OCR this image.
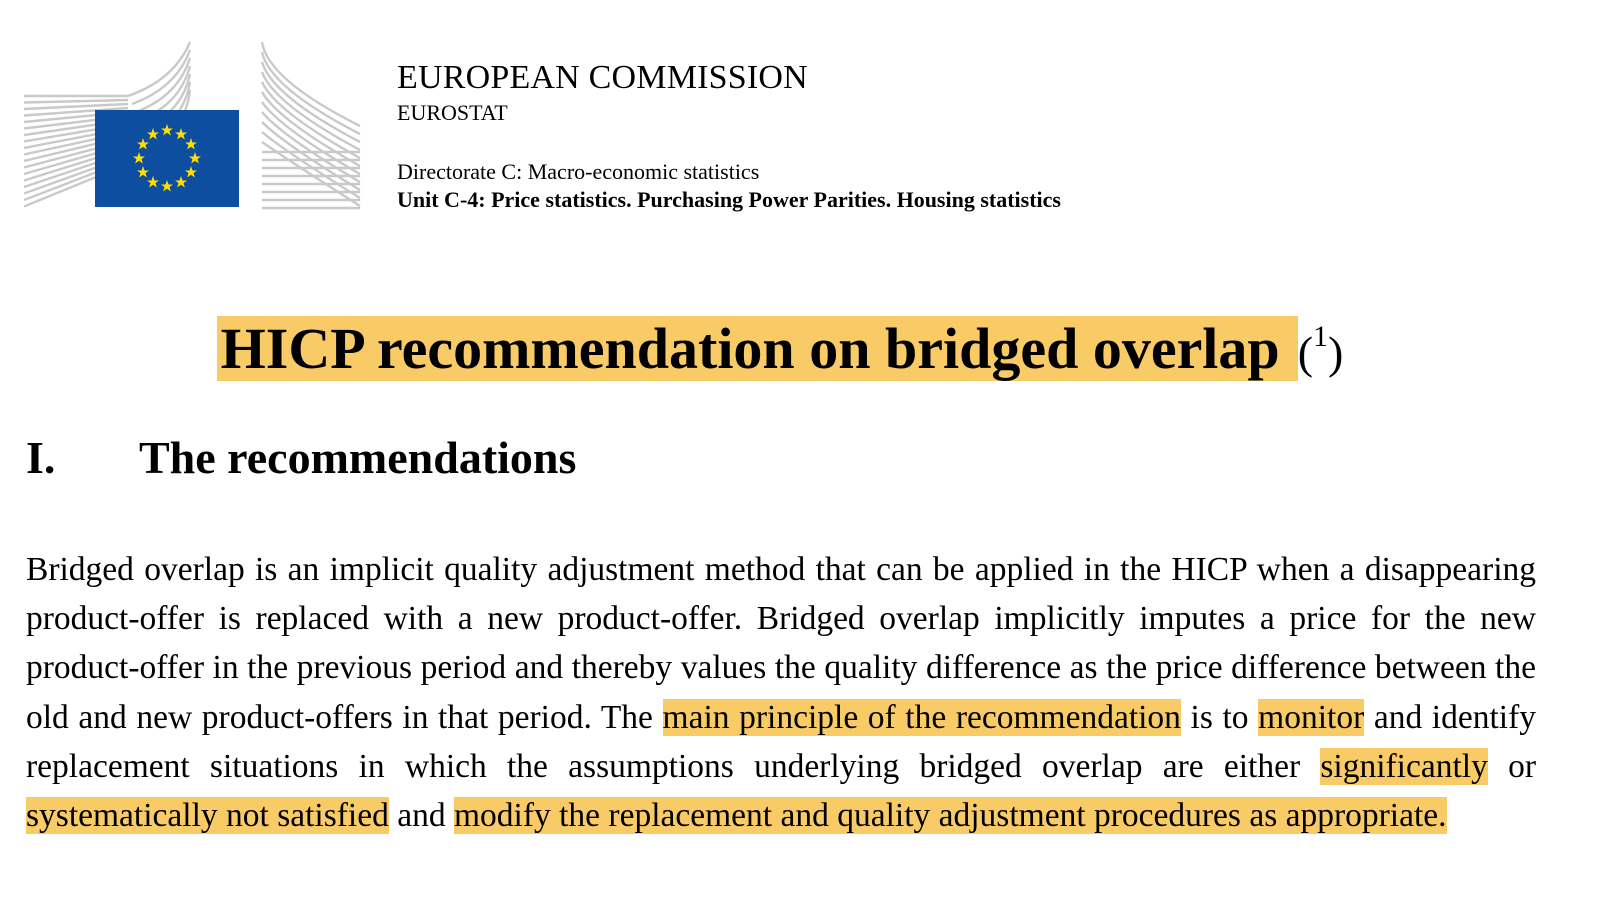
EUROPEAN COMMISSION
EUROSTAT
Directorate C: Macro-economic statistics
Unit C-4: Price statistics. Purchasing Power Parities. Housing statistics
HICP recommendation on bridged overlap ($^1$)
I. The recommendations

Bridged overlap is an implicit quality adjustment method that can be applied in the HICP when a disappearing product-offer is replaced with a new product-offer. Bridged overlap implicitly imputes a price for the new product-offer in the previous period and thereby values the quality difference as the price difference between the old and new product-offers in that period. The main principle of the recommendation is to monitor and identify replacement situations in which the assumptions underlying bridged overlap are either significantly or systematically not satisfied and modify the replacement and quality adjustment procedures as appropriate.
